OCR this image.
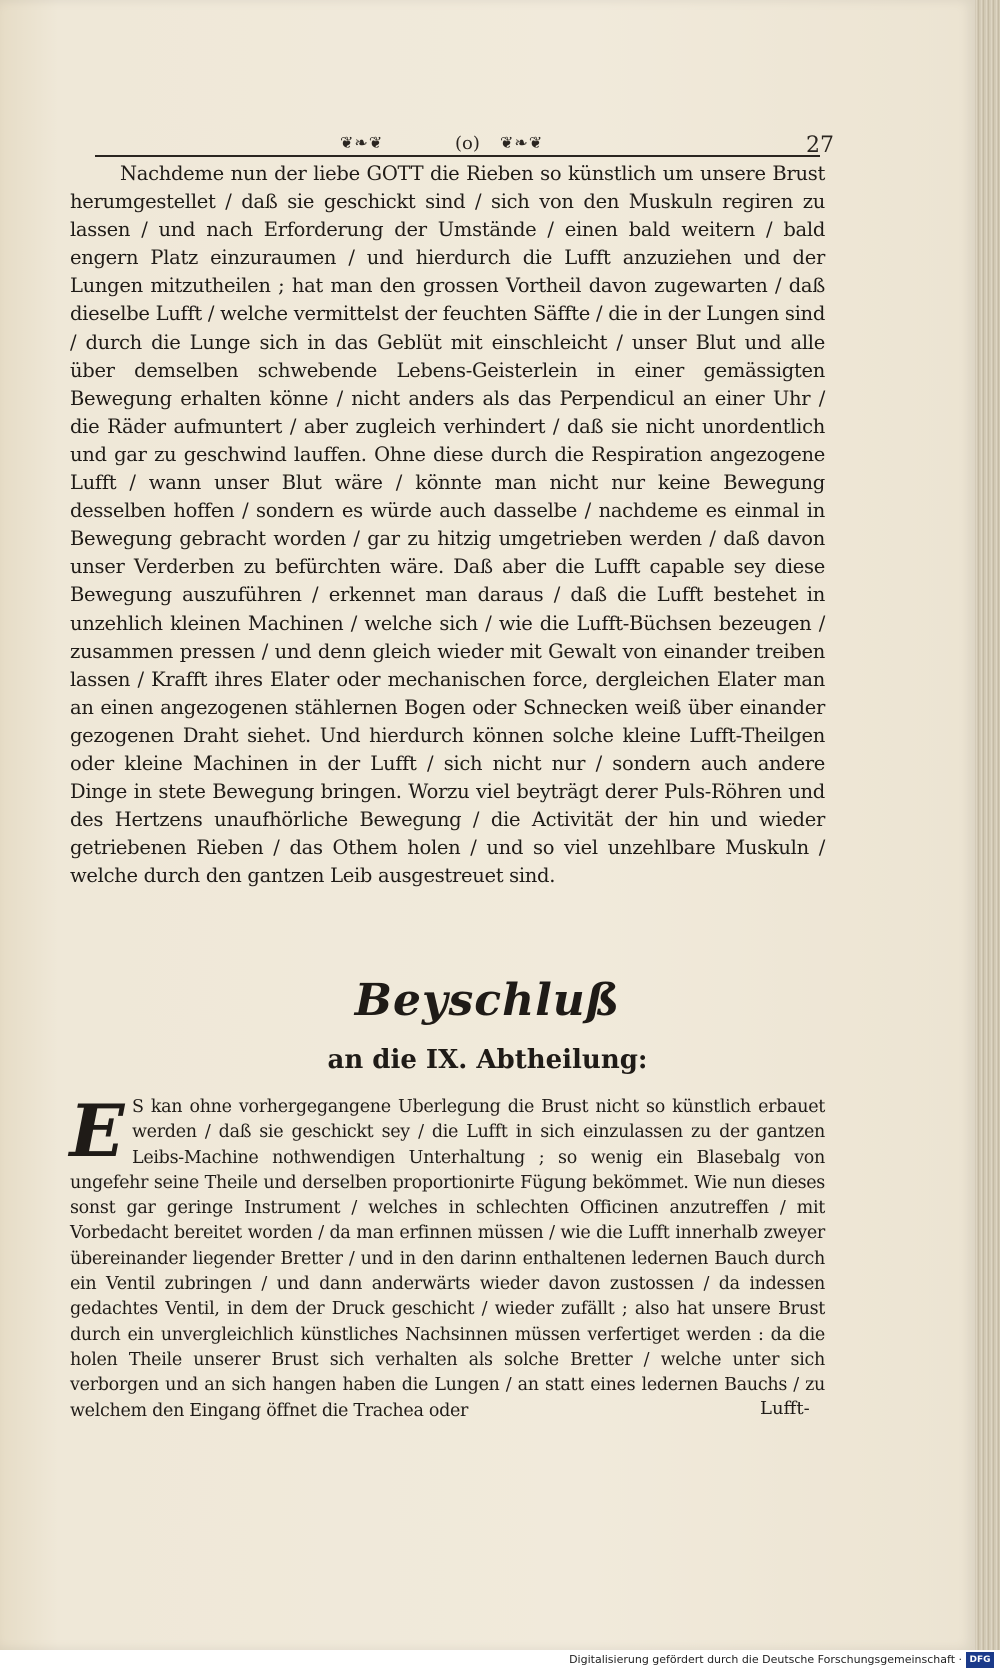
❦❧❦	(o) ❦❧❦	27
Nachdeme nun der liebe GOTT die Rieben so künstlich um unsere Brust herumgestellet / daß sie geschickt sind / sich von den Muskuln regiren zu lassen / und nach Erforderung der Umstände / einen bald weitern / bald engern Platz einzuraumen / und hierdurch die Lufft anzuziehen und der Lungen mitzutheilen ; hat man den grossen Vortheil davon zugewarten / daß dieselbe Lufft / welche vermittelst der feuchten Säffte / die in der Lungen sind / durch die Lunge sich in das Geblüt mit einschleicht / unser Blut und alle über demselben schwebende Lebens-Geisterlein in einer gemässigten Bewegung erhalten könne / nicht anders als das Perpendicul an einer Uhr / die Räder aufmuntert / aber zugleich verhindert / daß sie nicht unordentlich und gar zu geschwind lauffen. Ohne diese durch die Respiration angezogene Lufft / wann unser Blut wäre / könnte man nicht nur keine Bewegung desselben hoffen / sondern es würde auch dasselbe / nachdeme es einmal in Bewegung gebracht worden / gar zu hitzig umgetrieben werden / daß davon unser Verderben zu befürchten wäre. Daß aber die Lufft capable sey diese Bewegung auszuführen / erkennet man daraus / daß die Lufft bestehet in unzehlich kleinen Machinen / welche sich / wie die Lufft-Büchsen bezeugen / zusammen pressen / und denn gleich wieder mit Gewalt von einander treiben lassen / Krafft ihres Elater oder mechanischen force, dergleichen Elater man an einen angezogenen stählernen Bogen oder Schnecken weiß über einander gezogenen Draht siehet. Und hierdurch können solche kleine Lufft-Theilgen oder kleine Machinen in der Lufft / sich nicht nur / sondern auch andere Dinge in stete Bewegung bringen. Worzu viel beyträgt derer Puls-Röhren und des Hertzens unaufhörliche Bewegung / die Activität der hin und wieder getriebenen Rieben / das Othem holen / und so viel unzehlbare Muskuln / welche durch den gantzen Leib ausgestreuet sind.
Beyschluß
an die IX. Abtheilung:
E S kan ohne vorhergegangene Uberlegung die Brust nicht so künstlich erbauet werden / daß sie geschickt sey / die Lufft in sich einzulassen zu der gantzen Leibs-Machine nothwendigen Unterhaltung ; so wenig ein Blasebalg von ungefehr seine Theile und derselben proportionirte Fügung bekömmet. Wie nun dieses sonst gar geringe Instrument / welches in schlechten Officinen anzutreffen / mit Vorbedacht bereitet worden / da man erfinnen müssen / wie die Lufft innerhalb zweyer übereinander liegender Bretter / und in den darinn enthaltenen ledernen Bauch durch ein Ventil zubringen / und dann anderwärts wieder davon zustossen / da indessen gedachtes Ventil, in dem der Druck geschicht / wieder zufällt ; also hat unsere Brust durch ein unvergleichlich künstliches Nachsinnen müssen verfertiget werden : da die holen Theile unserer Brust sich verhalten als solche Bretter / welche unter sich verborgen und an sich hangen haben die Lungen / an statt eines ledernen Bauchs / zu welchem den Eingang öffnet die Trachea oder	Lufft-
Digitalisierung gefördert durch die Deutsche Forschungsgemeinschaft · DFG
